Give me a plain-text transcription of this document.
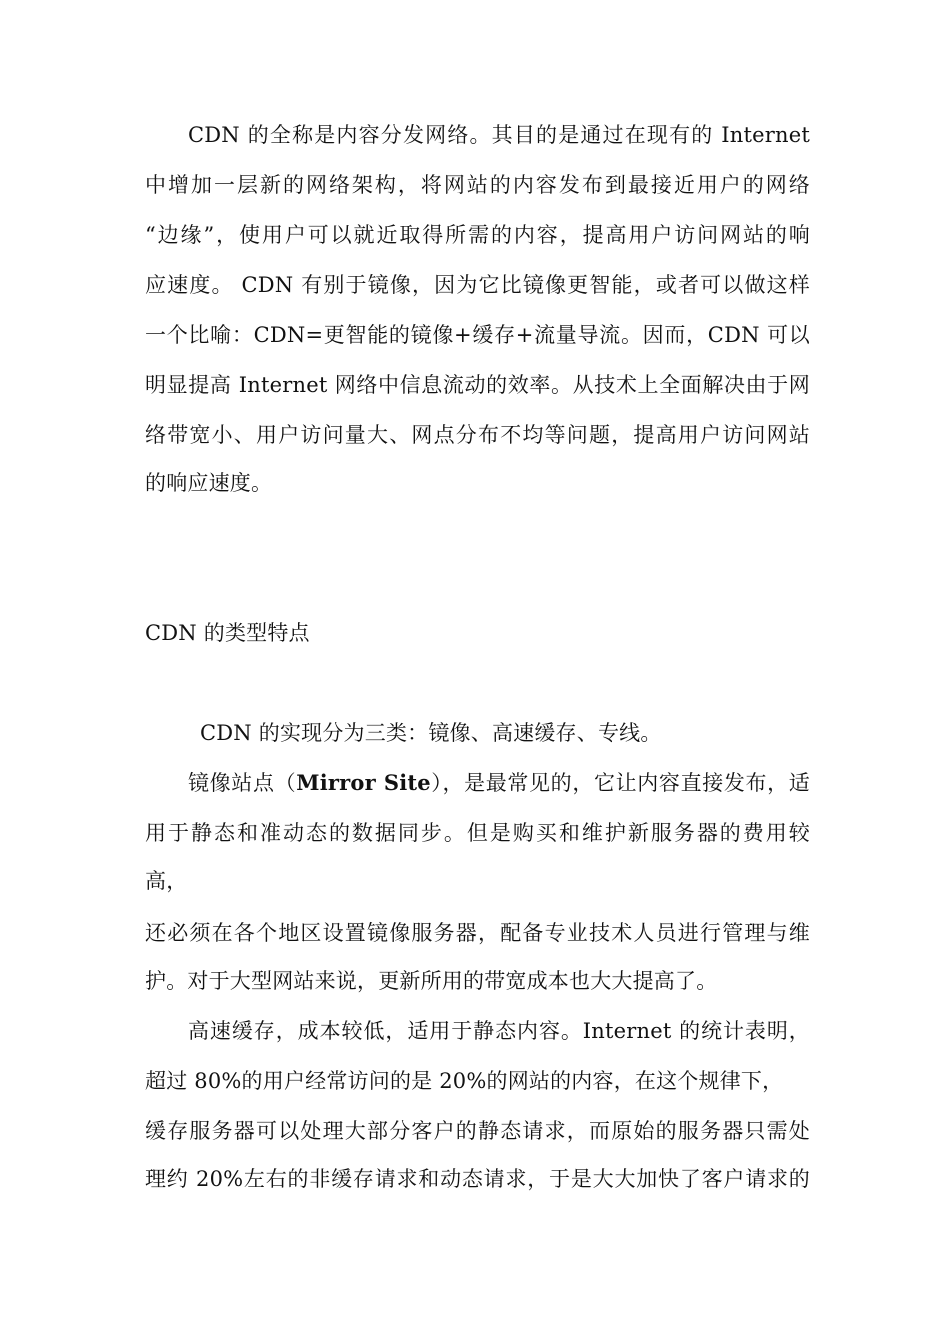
CDN 的全称是内容分发网络。其目的是通过在现有的 Internet
中增加一层新的网络架构，将网站的内容发布到最接近用户的网络
“边缘”，使用户可以就近取得所需的内容，提高用户访问网站的响
应速度。 CDN 有别于镜像，因为它比镜像更智能，或者可以做这样
一个比喻：CDN=更智能的镜像+缓存+流量导流。因而，CDN 可以
明显提高 Internet 网络中信息流动的效率。从技术上全面解决由于网
络带宽小、用户访问量大、网点分布不均等问题，提高用户访问网站
的响应速度。
CDN 的类型特点
CDN 的实现分为三类：镜像、高速缓存、专线。
镜像站点（Mirror Site），是最常见的，它让内容直接发布，适
用于静态和准动态的数据同步。但是购买和维护新服务器的费用较
高，
还必须在各个地区设置镜像服务器，配备专业技术人员进行管理与维
护。对于大型网站来说，更新所用的带宽成本也大大提高了。
高速缓存，成本较低，适用于静态内容。Internet 的统计表明，
超过 80%的用户经常访问的是 20%的网站的内容，在这个规律下，
缓存服务器可以处理大部分客户的静态请求，而原始的服务器只需处
理约 20%左右的非缓存请求和动态请求，于是大大加快了客户请求的
